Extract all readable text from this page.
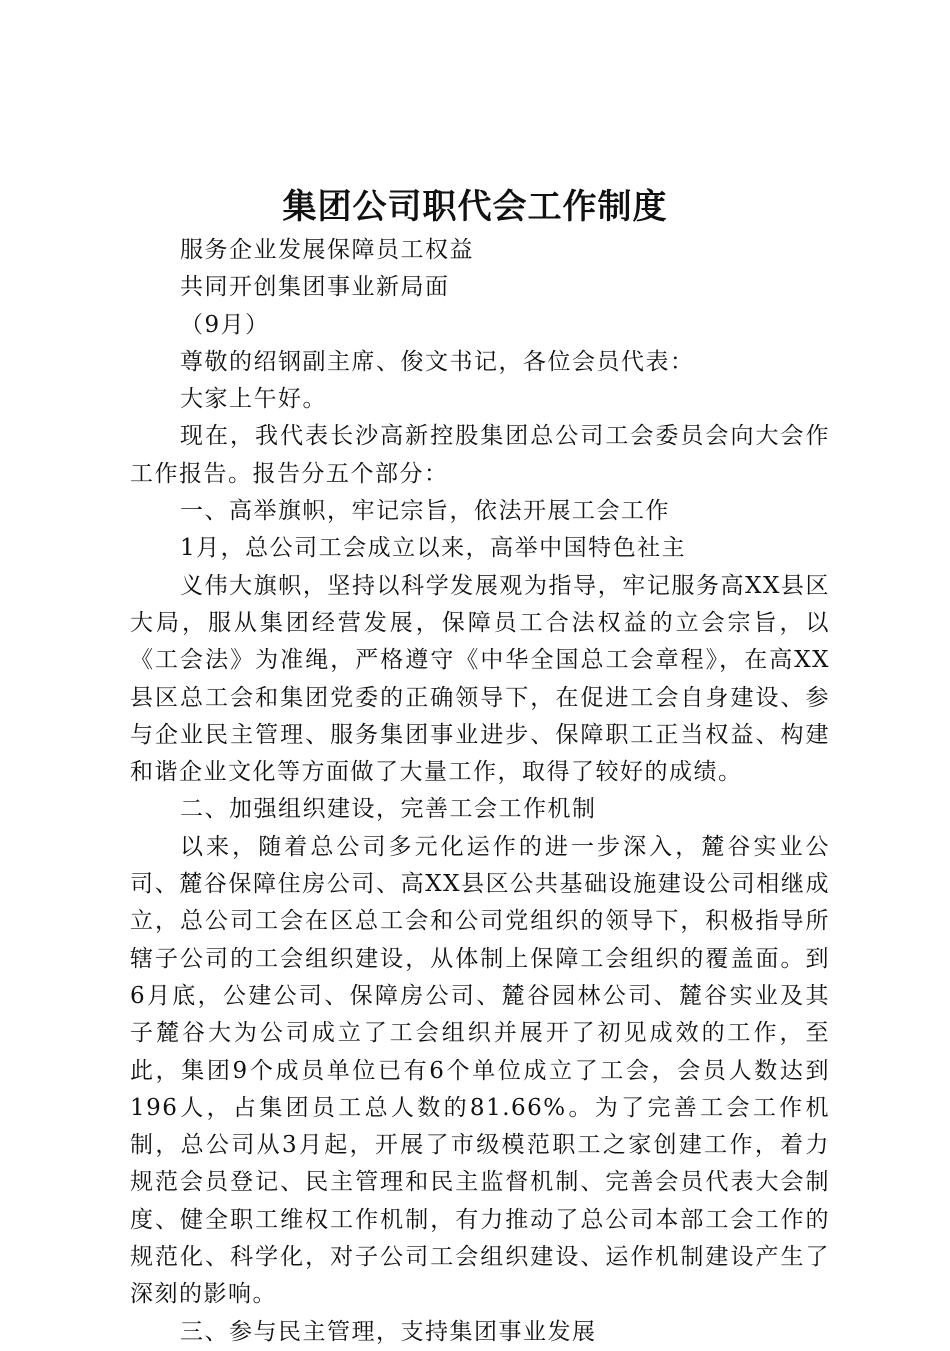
集团公司职代会工作制度

服务企业发展保障员工权益

共同开创集团事业新局面

（9月）

尊敬的绍钢副主席、俊文书记，各位会员代表：

大家上午好。

现在，我代表长沙高新控股集团总公司工会委员会向大会作工作报告。报告分五个部分：

一、高举旗帜，牢记宗旨，依法开展工会工作

1月，总公司工会成立以来，高举中国特色社主

义伟大旗帜，坚持以科学发展观为指导，牢记服务高XX县区大局，服从集团经营发展，保障员工合法权益的立会宗旨，以《工会法》为准绳，严格遵守《中华全国总工会章程》，在高XX县区总工会和集团党委的正确领导下，在促进工会自身建设、参与企业民主管理、服务集团事业进步、保障职工正当权益、构建和谐企业文化等方面做了大量工作，取得了较好的成绩。

二、加强组织建设，完善工会工作机制

以来，随着总公司多元化运作的进一步深入，麓谷实业公司、麓谷保障住房公司、高XX县区公共基础设施建设公司相继成立，总公司工会在区总工会和公司党组织的领导下，积极指导所辖子公司的工会组织建设，从体制上保障工会组织的覆盖面。到6月底，公建公司、保障房公司、麓谷园林公司、麓谷实业及其子麓谷大为公司成立了工会组织并展开了初见成效的工作，至此，集团9个成员单位已有6个单位成立了工会，会员人数达到196人，占集团员工总人数的81.66%。为了完善工会工作机制，总公司从3月起，开展了市级模范职工之家创建工作，着力规范会员登记、民主管理和民主监督机制、完善会员代表大会制度、健全职工维权工作机制，有力推动了总公司本部工会工作的规范化、科学化，对子公司工会组织建设、运作机制建设产生了深刻的影响。

三、参与民主管理，支持集团事业发展
